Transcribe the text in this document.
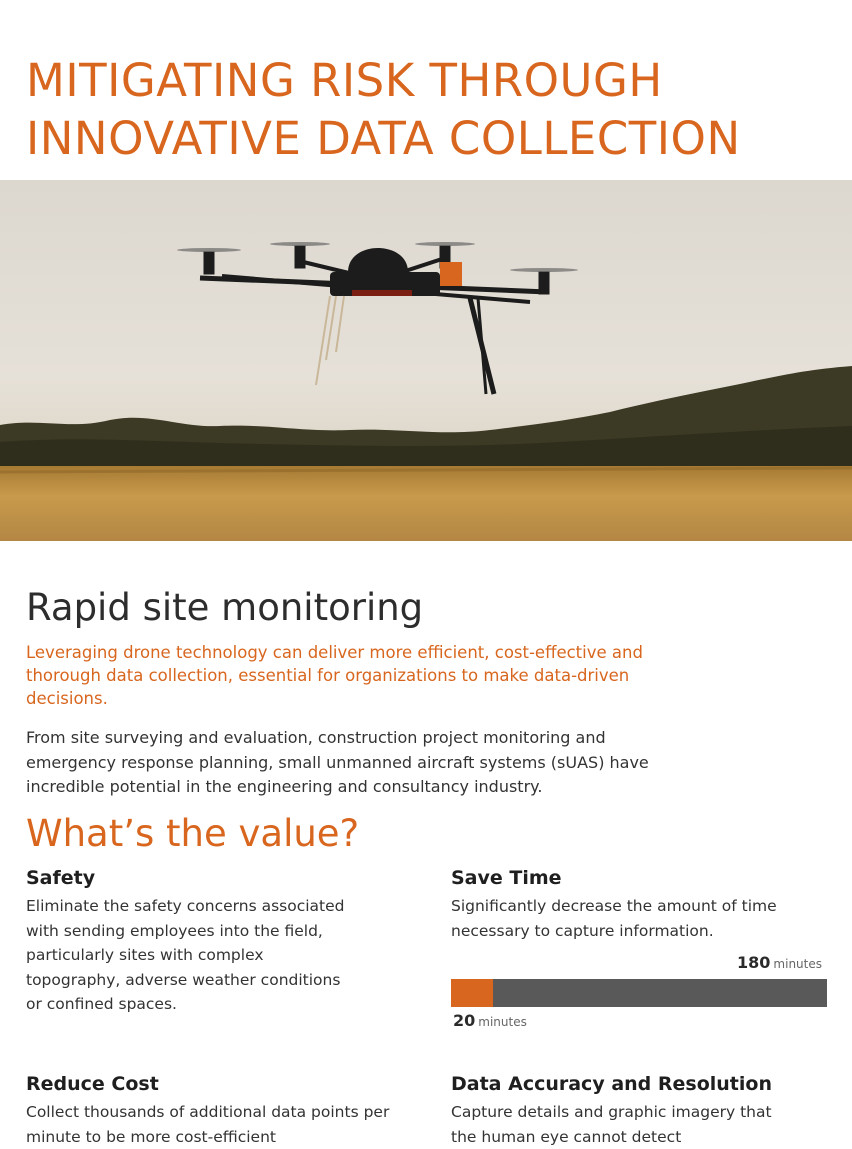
MITIGATING RISK THROUGH
INNOVATIVE DATA COLLECTION
Rapid site monitoring

Leveraging drone technology can deliver more efficient, cost-effective and thorough data collection, essential for organizations to make data-driven decisions.

From site surveying and evaluation, construction project monitoring and emergency response planning, small unmanned aircraft systems (sUAS) have incredible potential in the engineering and consultancy industry.

What’s the value?
Safety

Eliminate the safety concerns associated with sending employees into the field, particularly sites with complex topography, adverse weather conditions or confined spaces.

Save Time

Significantly decrease the amount of time necessary to capture information.

180 minutes
20 minutes
Reduce Cost

Collect thousands of additional data points per minute to be more cost-efficient

Data Accuracy and Resolution

Capture details and graphic imagery that the human eye cannot detect
